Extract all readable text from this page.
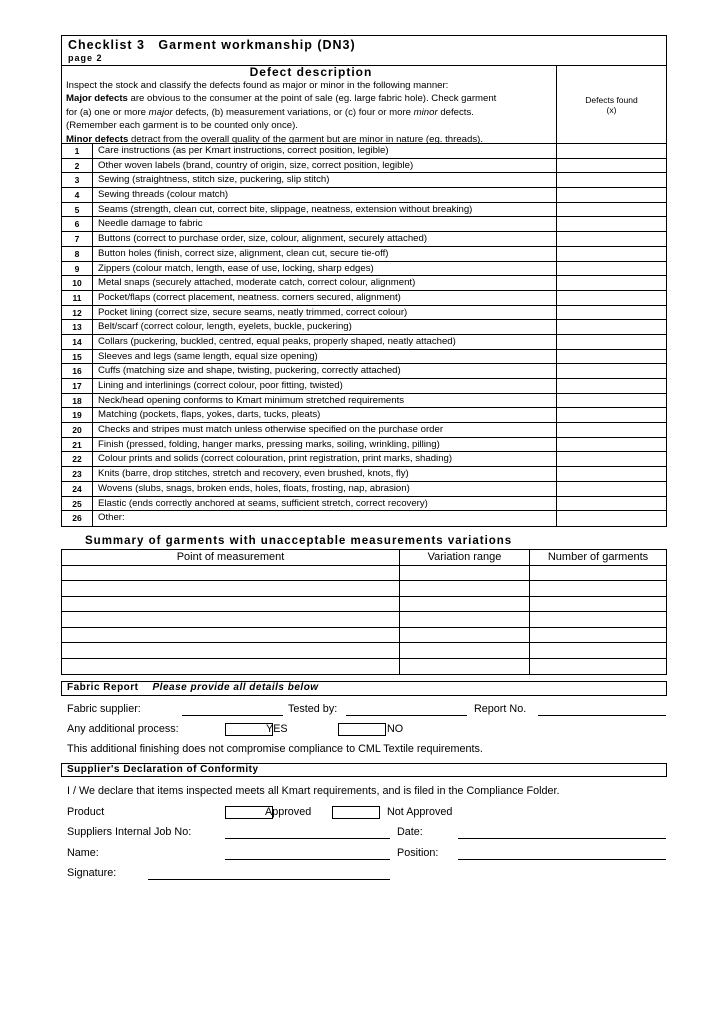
Checklist 3   Garment workmanship (DN3)
page 2
Defect description
Inspect the stock and classify the defects found as major or minor in the following manner:
Major defects are obvious to the consumer at the point of sale (eg. large fabric hole). Check garment
for (a) one or more major defects, (b) measurement variations, or (c) four or more minor defects.
(Remember each garment is to be counted only once).
Minor defects detract from the overall quality of the garment but are minor in nature (eg. threads).
Defects found
(x)
1	Care instructions (as per Kmart instructions, correct position, legible)
2	Other woven labels (brand, country of origin, size, correct position, legible)
3	Sewing (straightness, stitch size, puckering, slip stitch)
4	Sewing threads (colour match)
5	Seams (strength, clean cut, correct bite, slippage, neatness, extension without breaking)
6	Needle damage to fabric
7	Buttons (correct to purchase order, size, colour, alignment, securely attached)
8	Button holes (finish, correct size, alignment, clean cut, secure tie-off)
9	Zippers (colour match, length, ease of use, locking, sharp edges)
10	Metal snaps (securely attached, moderate catch, correct colour, alignment)
11	Pocket/flaps (correct placement, neatness. corners secured, alignment)
12	Pocket lining (correct size, secure seams, neatly trimmed, correct colour)
13	Belt/scarf (correct colour, length, eyelets, buckle, puckering)
14	Collars (puckering, buckled, centred, equal peaks, properly shaped, neatly attached)
15	Sleeves and legs (same length, equal size opening)
16	Cuffs (matching size and shape, twisting, puckering, correctly attached)
17	Lining and interlinings (correct colour, poor fitting, twisted)
18	Neck/head opening conforms to Kmart minimum stretched requirements
19	Matching (pockets, flaps, yokes, darts, tucks, pleats)
20	Checks and stripes must match unless otherwise specified on the purchase order
21	Finish (pressed, folding, hanger marks, pressing marks, soiling, wrinkling, pilling)
22	Colour prints and solids (correct colouration, print registration, print marks, shading)
23	Knits (barre, drop stitches, stretch and recovery, even brushed, knots, fly)
24	Wovens (slubs, snags, broken ends, holes, floats, frosting, nap, abrasion)
25	Elastic (ends correctly anchored at seams, sufficient stretch, correct recovery)
26	Other:
Summary of garments with unacceptable measurements variations
Point of measurement	Variation range	Number of garments
Fabric Report Please provide all details below
Fabric supplier:	Tested by:	Report No.
Any additional process:	YES	NO
This additional finishing does not compromise compliance to CML Textile requirements.
Supplier's Declaration of Conformity
I / We declare that items inspected meets all Kmart requirements, and is filed in the Compliance Folder.
Product	Approved	Not Approved
Suppliers Internal Job No:	Date:
Name:	Position:
Signature:
